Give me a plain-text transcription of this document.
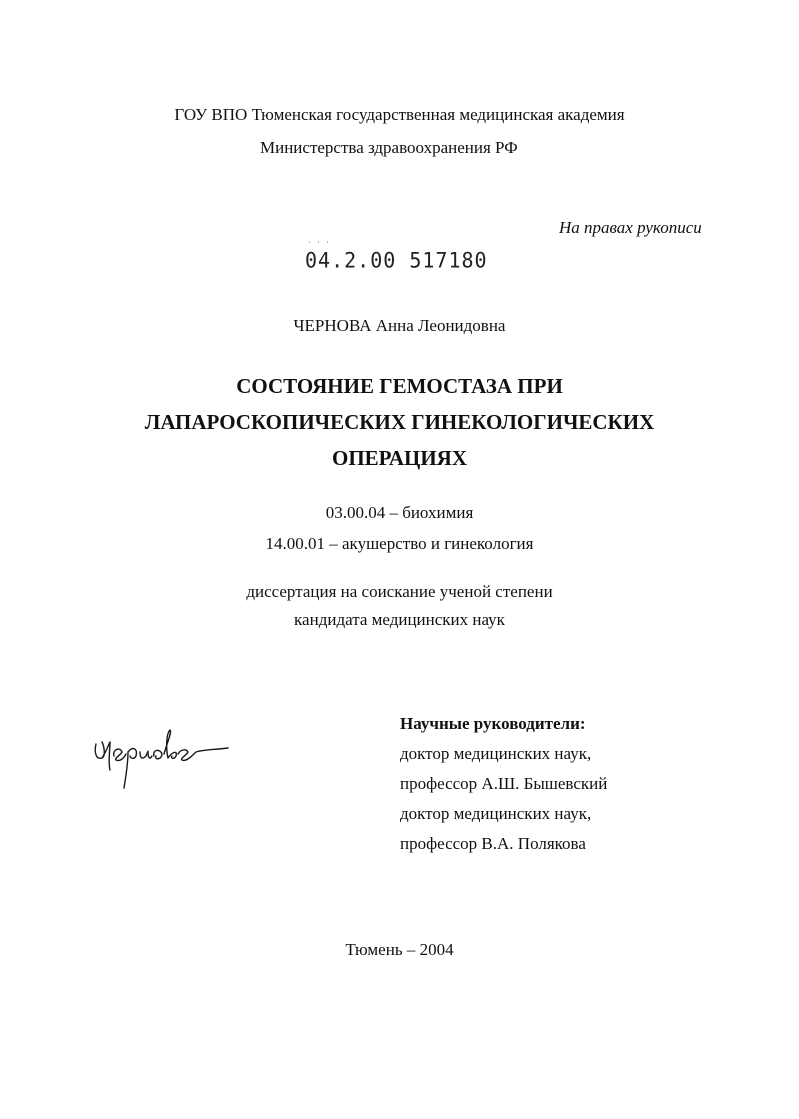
ГОУ ВПО Тюменская государственная медицинская академия
Министерства здравоохранения РФ
На правах рукописи
· · ·
04.2.00 517180
ЧЕРНОВА Анна Леонидовна
СОСТОЯНИЕ ГЕМОСТАЗА ПРИ
ЛАПАРОСКОПИЧЕСКИХ ГИНЕКОЛОГИЧЕСКИХ
ОПЕРАЦИЯХ
03.00.04 – биохимия
14.00.01 – акушерство и гинекология
диссертация на соискание ученой степени
кандидата медицинских наук
Научные руководители:
доктор медицинских наук,
профессор А.Ш. Бышевский
доктор медицинских наук,
профессор В.А. Полякова
Тюмень – 2004
